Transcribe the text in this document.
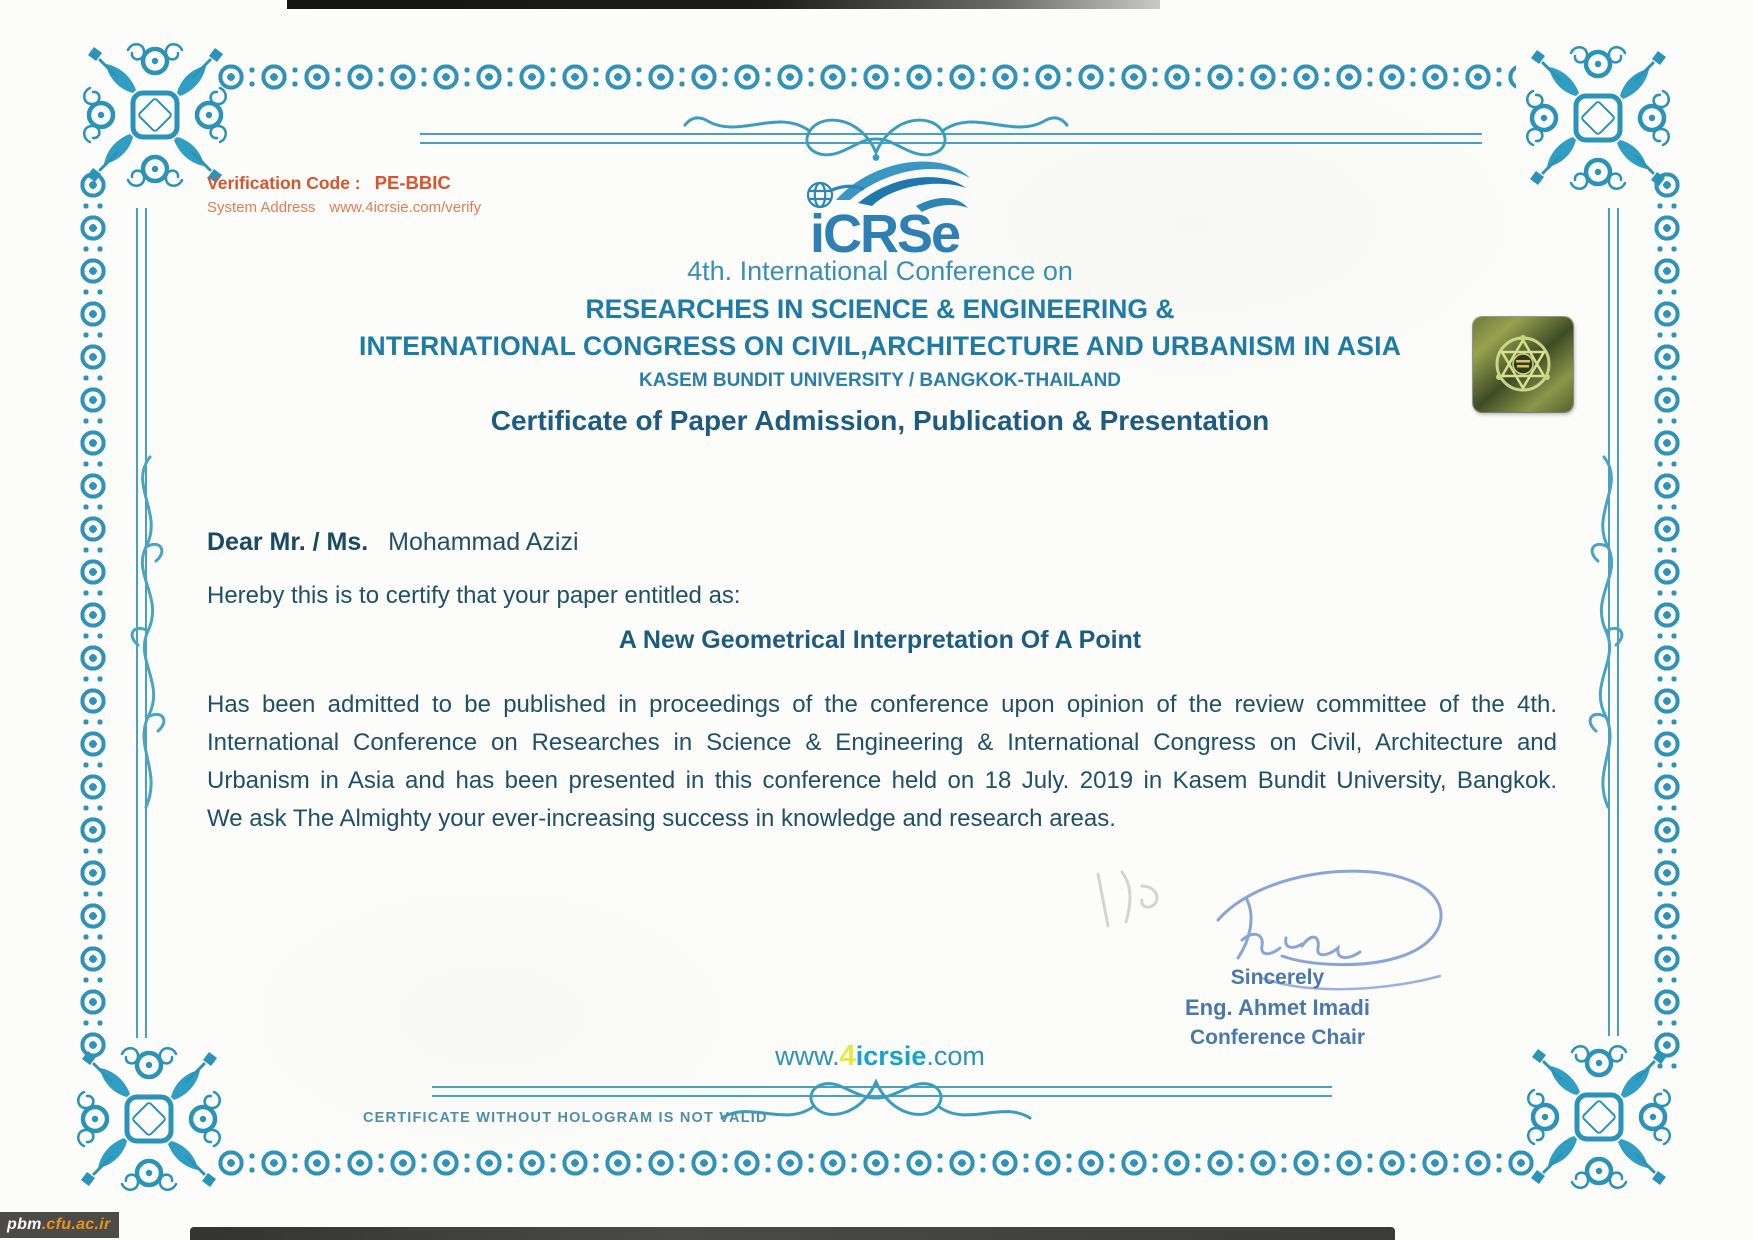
pbm.cfu.ac.ir
Verification Code : PE-BBIC
System Address www.4icrsie.com/verify	iCRSe
4th. International Conference on
RESEARCHES IN SCIENCE & ENGINEERING &
INTERNATIONAL CONGRESS ON CIVIL,ARCHITECTURE AND URBANISM IN ASIA
KASEM BUNDIT UNIVERSITY / BANGKOK-THAILAND
Certificate of Paper Admission, Publication & Presentation
Dear Mr. / Ms. Mohammad Azizi
Hereby this is to certify that your paper entitled as:
A New Geometrical Interpretation Of A Point
Has been admitted to be published in proceedings of the conference upon opinion of the review committee of the 4th.
International Conference on Researches in Science & Engineering & International Congress on Civil, Architecture and
Urbanism in Asia and has been presented in this conference held on 18 July. 2019 in Kasem Bundit University, Bangkok.
We ask The Almighty your ever-increasing success in knowledge and research areas.
Sincerely
Eng. Ahmet Imadi
Conference Chair
www.4icrsie.com
CERTIFICATE WITHOUT HOLOGRAM IS NOT VALID
